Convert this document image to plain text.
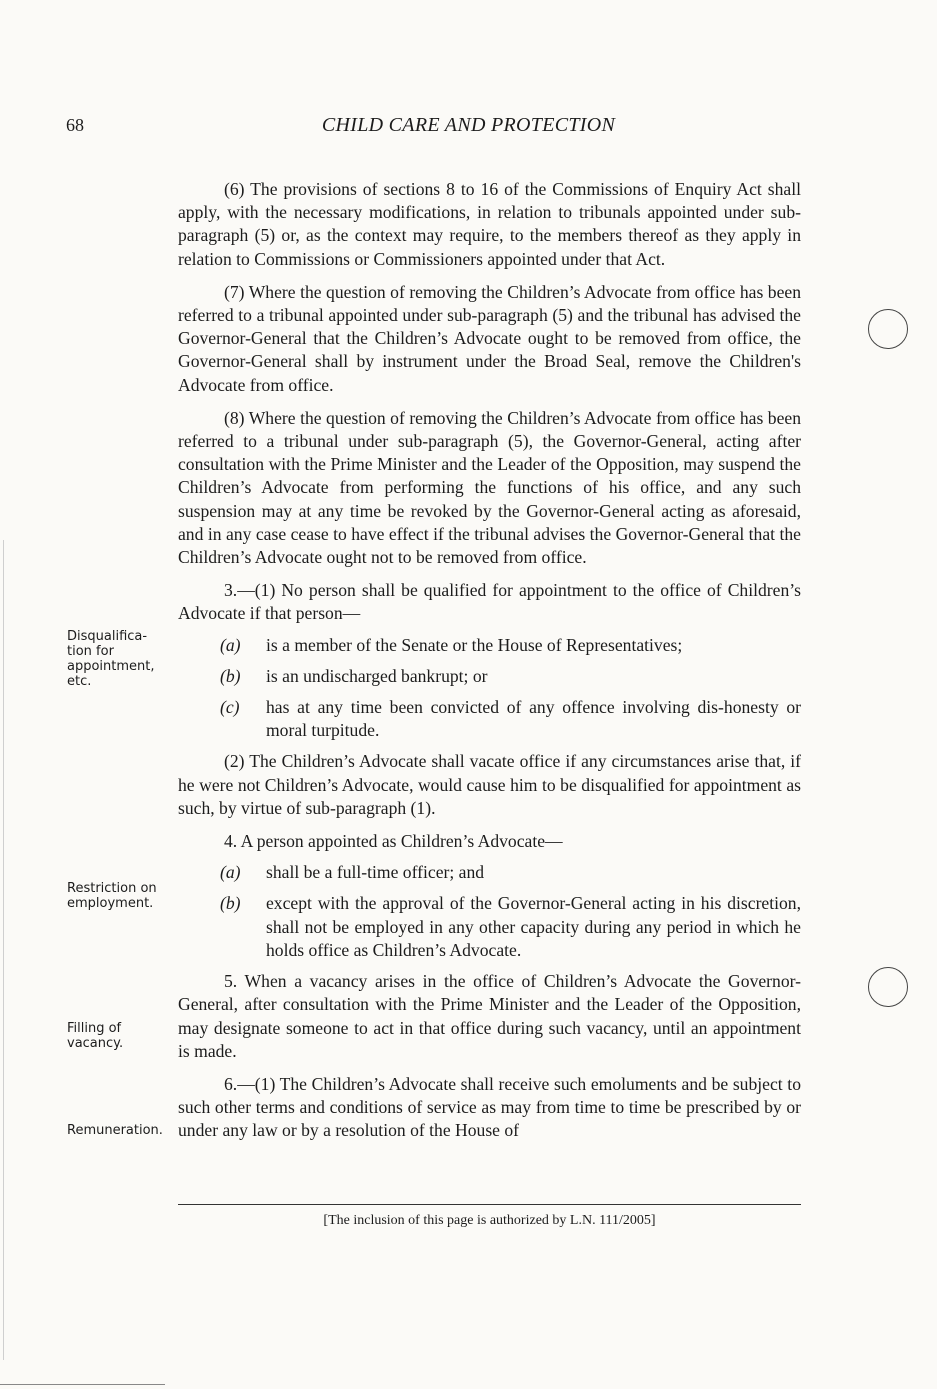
68	CHILD CARE AND PROTECTION

(6) The provisions of sections 8 to 16 of the Commissions of Enquiry Act shall apply, with the necessary modifications, in relation to tribunals appointed under sub-paragraph (5) or, as the context may require, to the members thereof as they apply in relation to Commissions or Commissioners appointed under that Act.

(7) Where the question of removing the Children’s Advocate from office has been referred to a tribunal appointed under sub-paragraph (5) and the tribunal has advised the Governor-General that the Children’s Advocate ought to be removed from office, the Governor-General shall by instrument under the Broad Seal, remove the Children's Advocate from office.

(8) Where the question of removing the Children’s Advocate from office has been referred to a tribunal under sub-paragraph (5), the Governor-General, acting after consultation with the Prime Minister and the Leader of the Opposition, may suspend the Children’s Advocate from performing the functions of his office, and any such suspension may at any time be revoked by the Governor-General acting as aforesaid, and in any case cease to have effect if the tribunal advises the Governor-General that the Children’s Advocate ought not to be removed from office.

3.—(1) No person shall be qualified for appointment to the office of Children’s Advocate if that person—

(a)	is a member of the Senate or the House of Representatives;
(b)	is an undischarged bankrupt; or
(c)	has at any time been convicted of any offence involving dis-honesty or moral turpitude.

(2) The Children’s Advocate shall vacate office if any circumstances arise that, if he were not Children’s Advocate, would cause him to be disqualified for appointment as such, by virtue of sub-paragraph (1).

4. A person appointed as Children’s Advocate—

(a)	shall be a full-time officer; and
(b)	except with the approval of the Governor-General acting in his discretion, shall not be employed in any other capacity during any period in which he holds office as Children’s Advocate.

5. When a vacancy arises in the office of Children’s Advocate the Governor-General, after consultation with the Prime Minister and the Leader of the Opposition, may designate someone to act in that office during such vacancy, until an appointment is made.

6.—(1) The Children’s Advocate shall receive such emoluments and be subject to such other terms and conditions of service as may from time to time be prescribed by or under any law or by a resolution of the House of

Disqualifica-tion for appointment, etc.
Restriction on employment.
Filling of vacancy.
Remuneration.
[The inclusion of this page is authorized by L.N. 111/2005]
